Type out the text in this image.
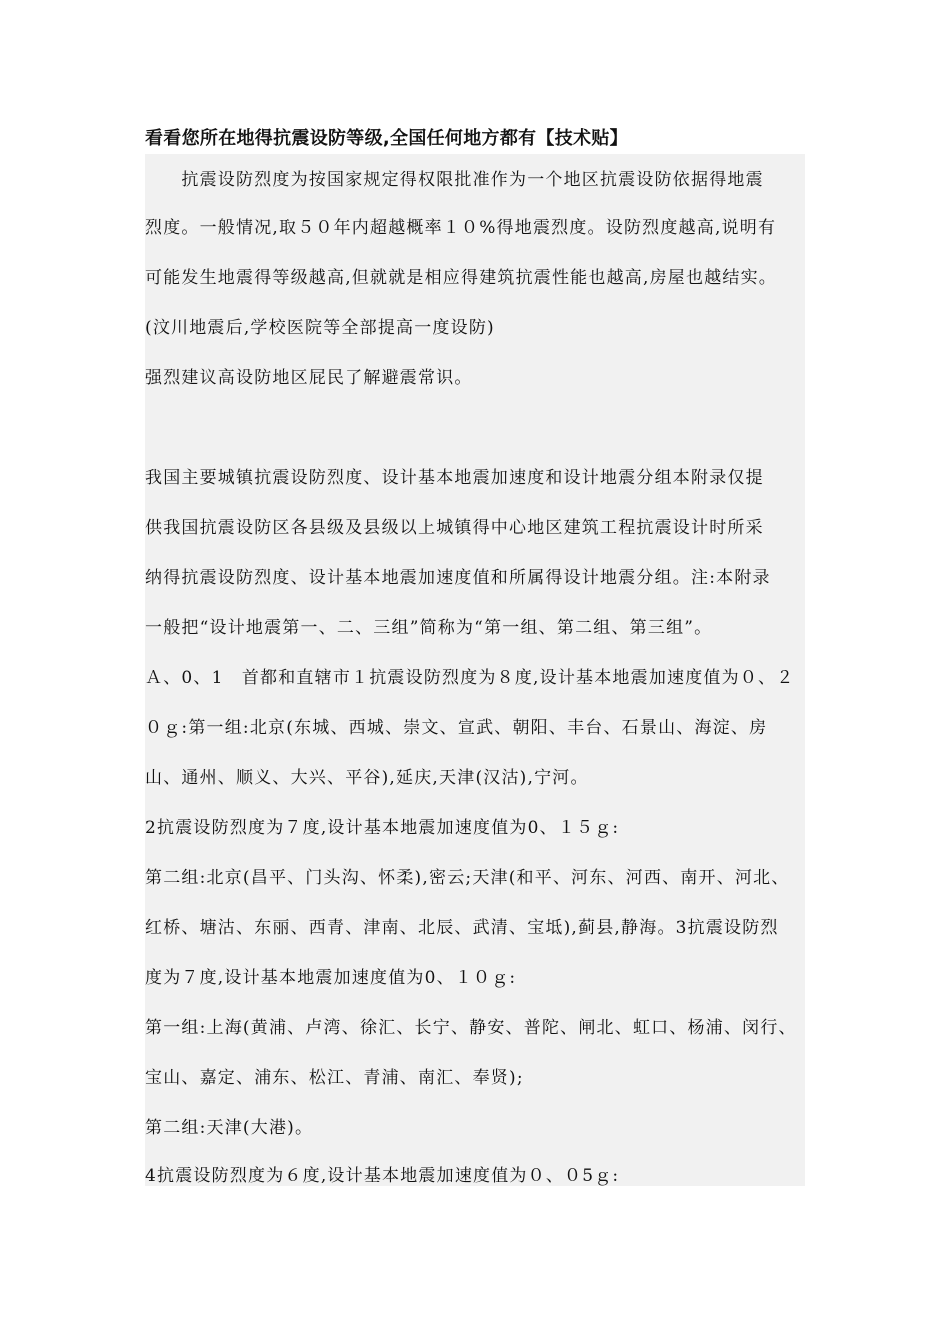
看看您所在地得抗震设防等级,全国任何地方都有【技术贴】
　　抗震设防烈度为按国家规定得权限批准作为一个地区抗震设防依据得地震
烈度。一般情况,取５０年内超越概率１０%得地震烈度。设防烈度越高,说明有
可能发生地震得等级越高,但就就是相应得建筑抗震性能也越高,房屋也越结实。
(汶川地震后,学校医院等全部提高一度设防)
强烈建议高设防地区屁民了解避震常识。
我国主要城镇抗震设防烈度、设计基本地震加速度和设计地震分组本附录仅提
供我国抗震设防区各县级及县级以上城镇得中心地区建筑工程抗震设计时所采
纳得抗震设防烈度、设计基本地震加速度值和所属得设计地震分组。注:本附录
一般把“设计地震第一、二、三组”简称为“第一组、第二组、第三组”。
Ａ、0、1　首都和直辖市１抗震设防烈度为８度,设计基本地震加速度值为０、２
０ｇ:第一组:北京(东城、西城、崇文、宣武、朝阳、丰台、石景山、海淀、房
山、通州、顺义、大兴、平谷),延庆,天津(汉沽),宁河。
2抗震设防烈度为７度,设计基本地震加速度值为0、１５ｇ:
第二组:北京(昌平、门头沟、怀柔),密云;天津(和平、河东、河西、南开、河北、
红桥、塘沽、东丽、西青、津南、北辰、武清、宝坻),蓟县,静海。3抗震设防烈
度为７度,设计基本地震加速度值为0、１０ｇ:
第一组:上海(黄浦、卢湾、徐汇、长宁、静安、普陀、闸北、虹口、杨浦、闵行、
宝山、嘉定、浦东、松江、青浦、南汇、奉贤);
第二组:天津(大港)。
4抗震设防烈度为６度,设计基本地震加速度值为０、０5ｇ:
